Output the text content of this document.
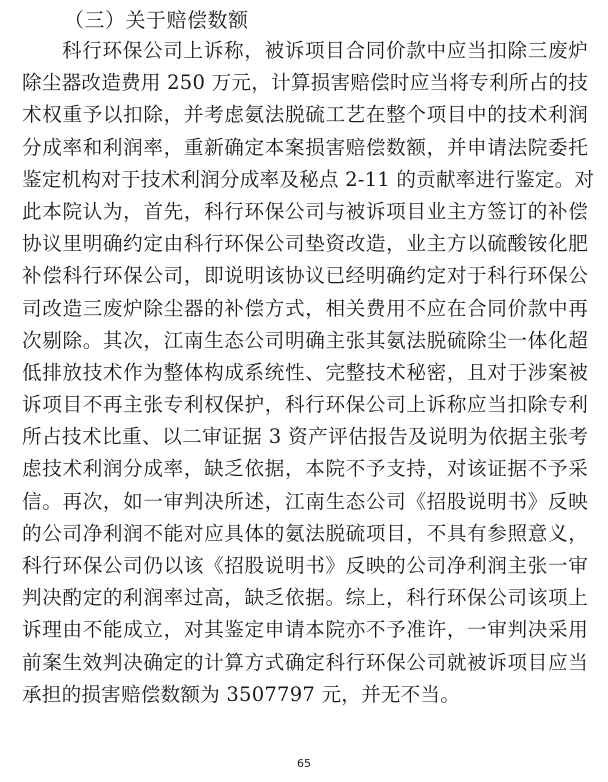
（三）关于赔偿数额
科行环保公司上诉称，被诉项目合同价款中应当扣除三废炉
除尘器改造费用 250 万元，计算损害赔偿时应当将专利所占的技
术权重予以扣除，并考虑氨法脱硫工艺在整个项目中的技术利润
分成率和利润率，重新确定本案损害赔偿数额，并申请法院委托
鉴定机构对于技术利润分成率及秘点 2-11 的贡献率进行鉴定。对
此本院认为，首先，科行环保公司与被诉项目业主方签订的补偿
协议里明确约定由科行环保公司垫资改造，业主方以硫酸铵化肥
补偿科行环保公司，即说明该协议已经明确约定对于科行环保公
司改造三废炉除尘器的补偿方式，相关费用不应在合同价款中再
次剔除。其次，江南生态公司明确主张其氨法脱硫除尘一体化超
低排放技术作为整体构成系统性、完整技术秘密，且对于涉案被
诉项目不再主张专利权保护，科行环保公司上诉称应当扣除专利
所占技术比重、以二审证据 3 资产评估报告及说明为依据主张考
虑技术利润分成率，缺乏依据，本院不予支持，对该证据不予采
信。再次，如一审判决所述，江南生态公司《招股说明书》反映
的公司净利润不能对应具体的氨法脱硫项目，不具有参照意义，
科行环保公司仍以该《招股说明书》反映的公司净利润主张一审
判决酌定的利润率过高，缺乏依据。综上，科行环保公司该项上
诉理由不能成立，对其鉴定申请本院亦不予准许，一审判决采用
前案生效判决确定的计算方式确定科行环保公司就被诉项目应当
承担的损害赔偿数额为 3507797 元，并无不当。
65
